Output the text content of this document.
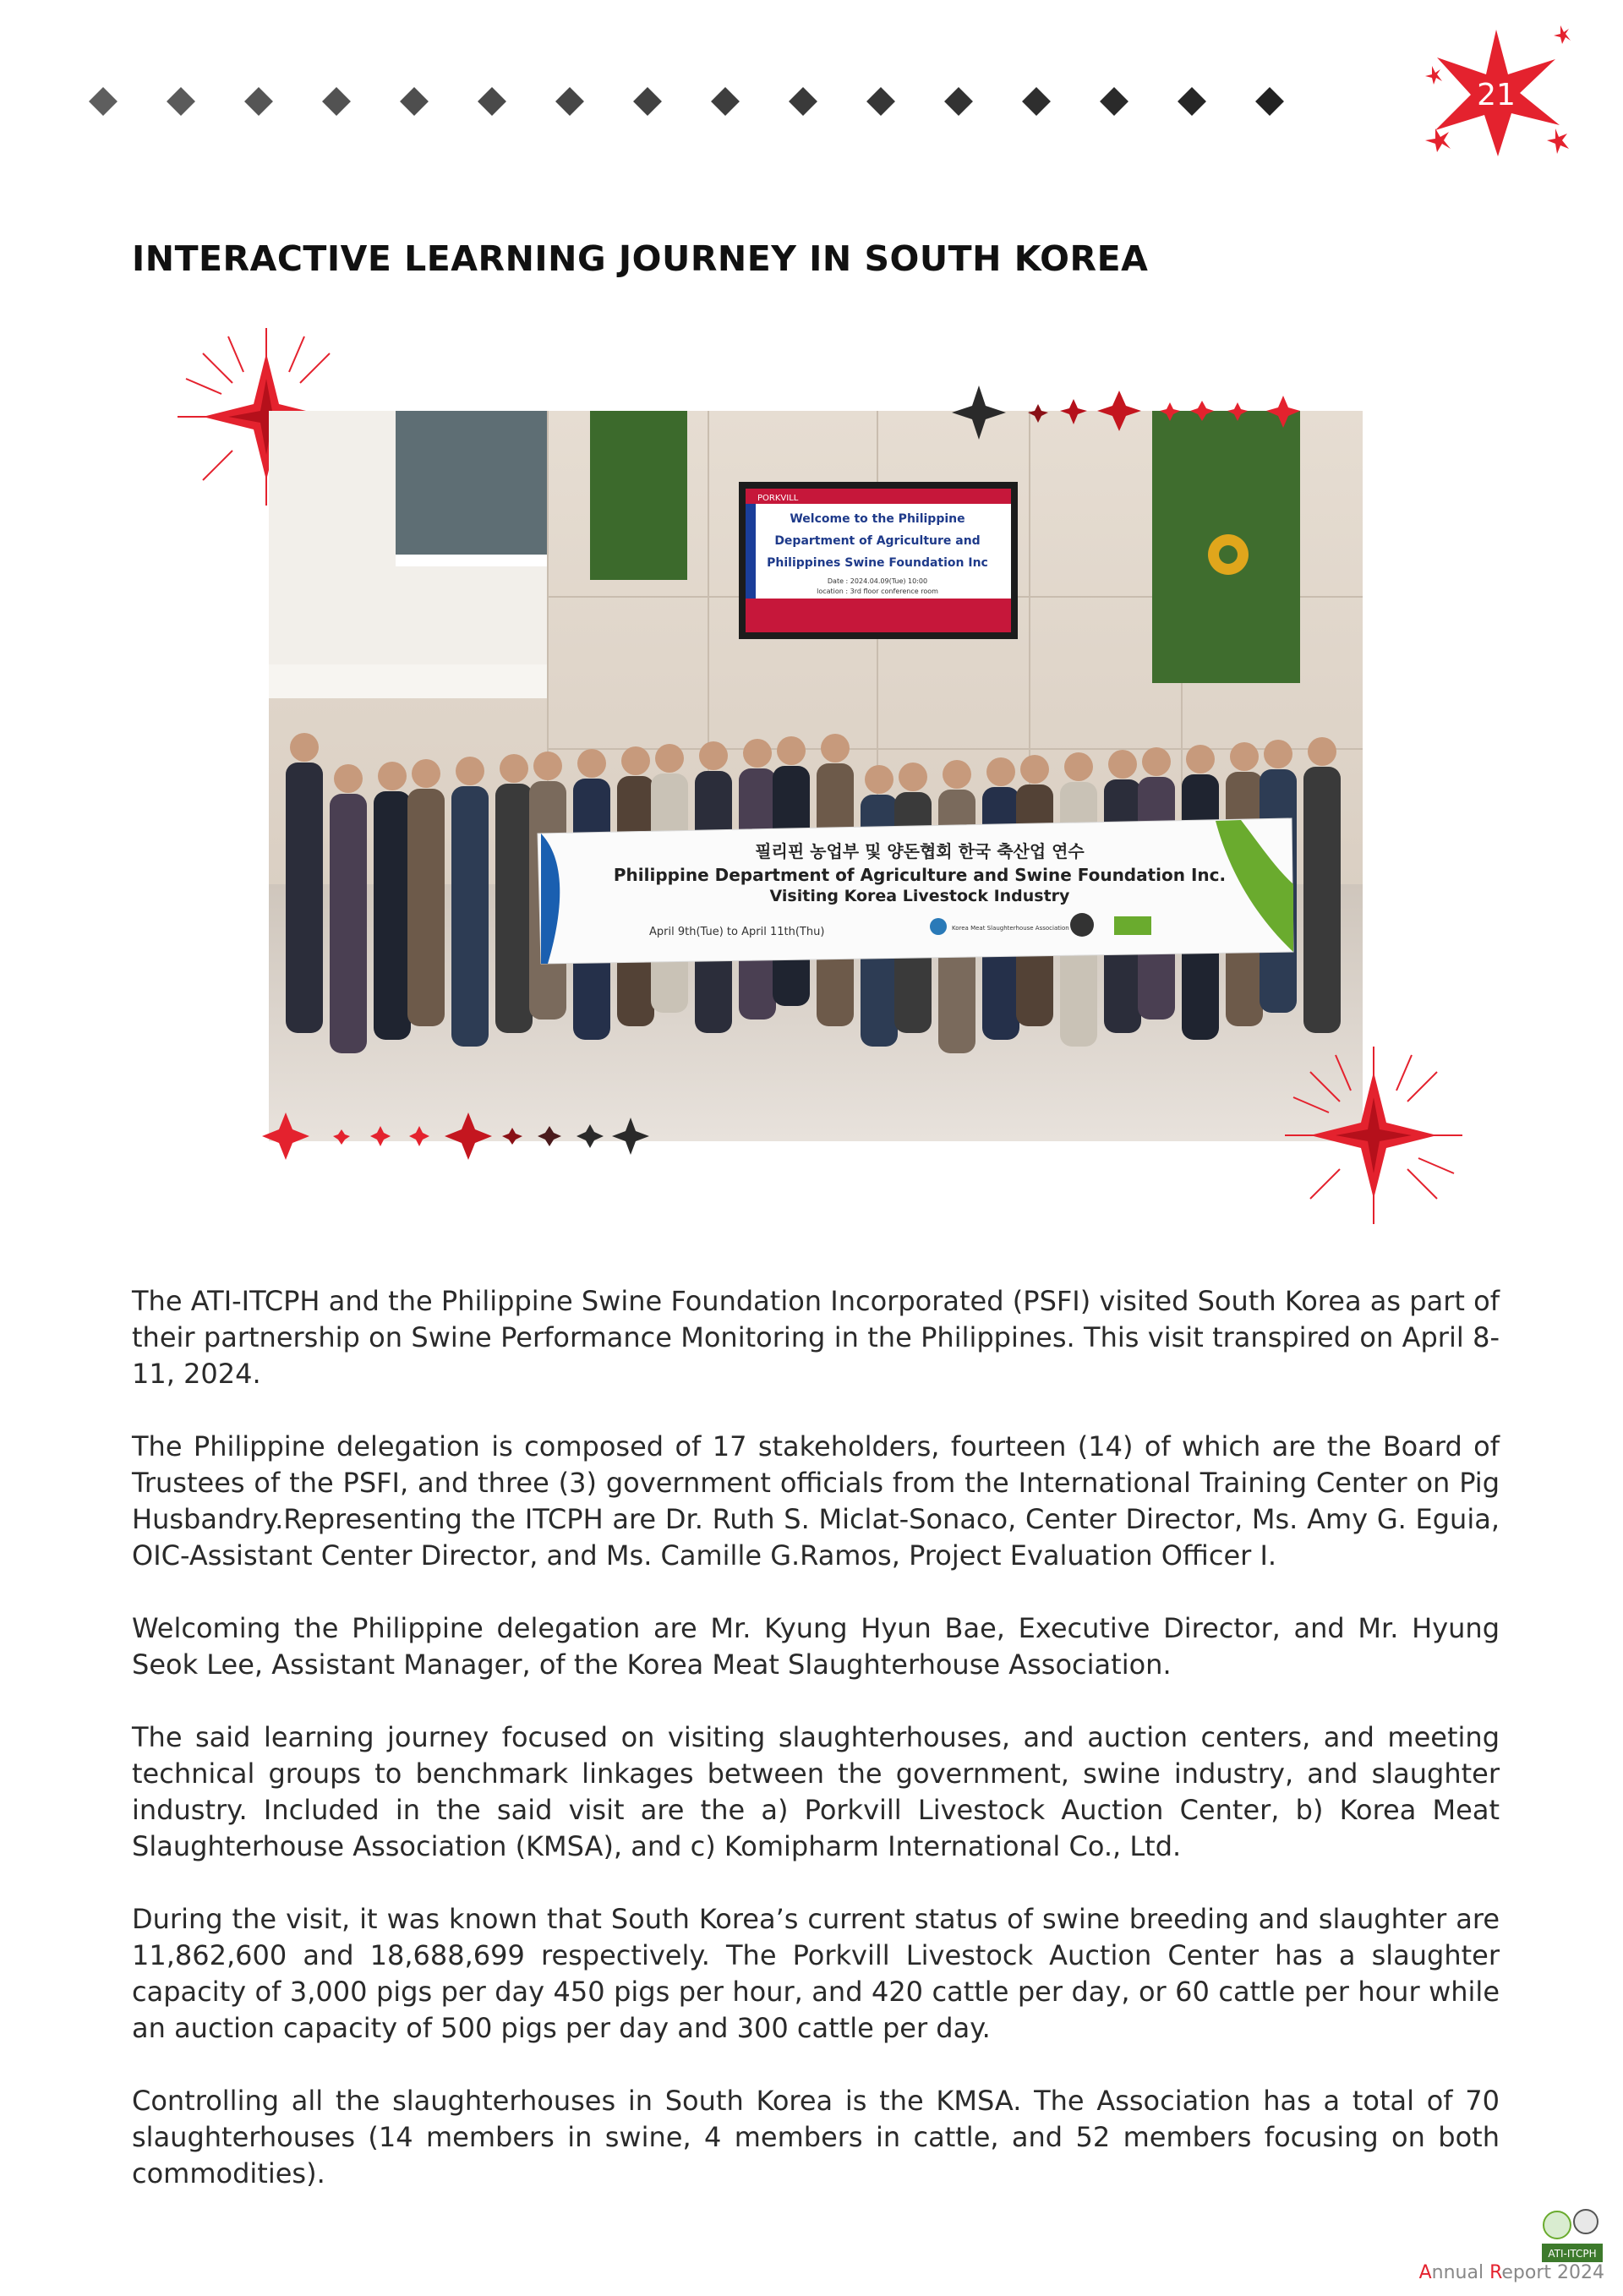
21
INTERACTIVE LEARNING JOURNEY IN SOUTH KOREA
PORKVILL
Welcome to the Philippine
Department of Agriculture and
Philippines Swine Foundation Inc
Date : 2024.04.09(Tue) 10:00
location : 3rd floor conference room
필리핀 농업부 및 양돈협회 한국 축산업 연수
Philippine Department of Agriculture and Swine Foundation Inc.
Visiting Korea Livestock Industry
April 9th(Tue) to April 11th(Thu)	Korea Meat Slaughterhouse Association

The ATI-ITCPH and the Philippine Swine Foundation Incorporated (PSFI) visited South Korea as part of their partnership on Swine Performance Monitoring in the Philippines. This visit transpired on April 8-11, 2024.

The Philippine delegation is composed of 17 stakeholders, fourteen (14) of which are the Board of Trustees of the PSFI, and three (3) government officials from the International Training Center on Pig Husbandry.Representing the ITCPH are Dr. Ruth S. Miclat-Sonaco, Center Director, Ms. Amy G. Eguia, OIC-Assistant Center Director, and Ms. Camille G.Ramos, Project Evaluation Officer I.

Welcoming the Philippine delegation are Mr. Kyung Hyun Bae, Executive Director, and Mr. Hyung Seok Lee, Assistant Manager, of the Korea Meat Slaughterhouse Association.

The said learning journey focused on visiting slaughterhouses, and auction centers, and meeting technical groups to benchmark linkages between the government, swine industry, and slaughter industry. Included in the said visit are the a) Porkvill Livestock Auction Center, b) Korea Meat Slaughterhouse Association (KMSA), and c) Komipharm International Co., Ltd.

During the visit, it was known that South Korea’s current status of swine breeding and slaughter are 11,862,600 and 18,688,699 respectively. The Porkvill Livestock Auction Center has a slaughter capacity of 3,000 pigs per day 450 pigs per hour, and 420 cattle per day, or 60 cattle per hour while an auction capacity of 500 pigs per day and 300 cattle per day.

Controlling all the slaughterhouses in South Korea is the KMSA. The Association has a total of 70 slaughterhouses (14 members in swine, 4 members in cattle, and 52 members focusing on both commodities).

ATI-ITCPH
Annual Report 2024
